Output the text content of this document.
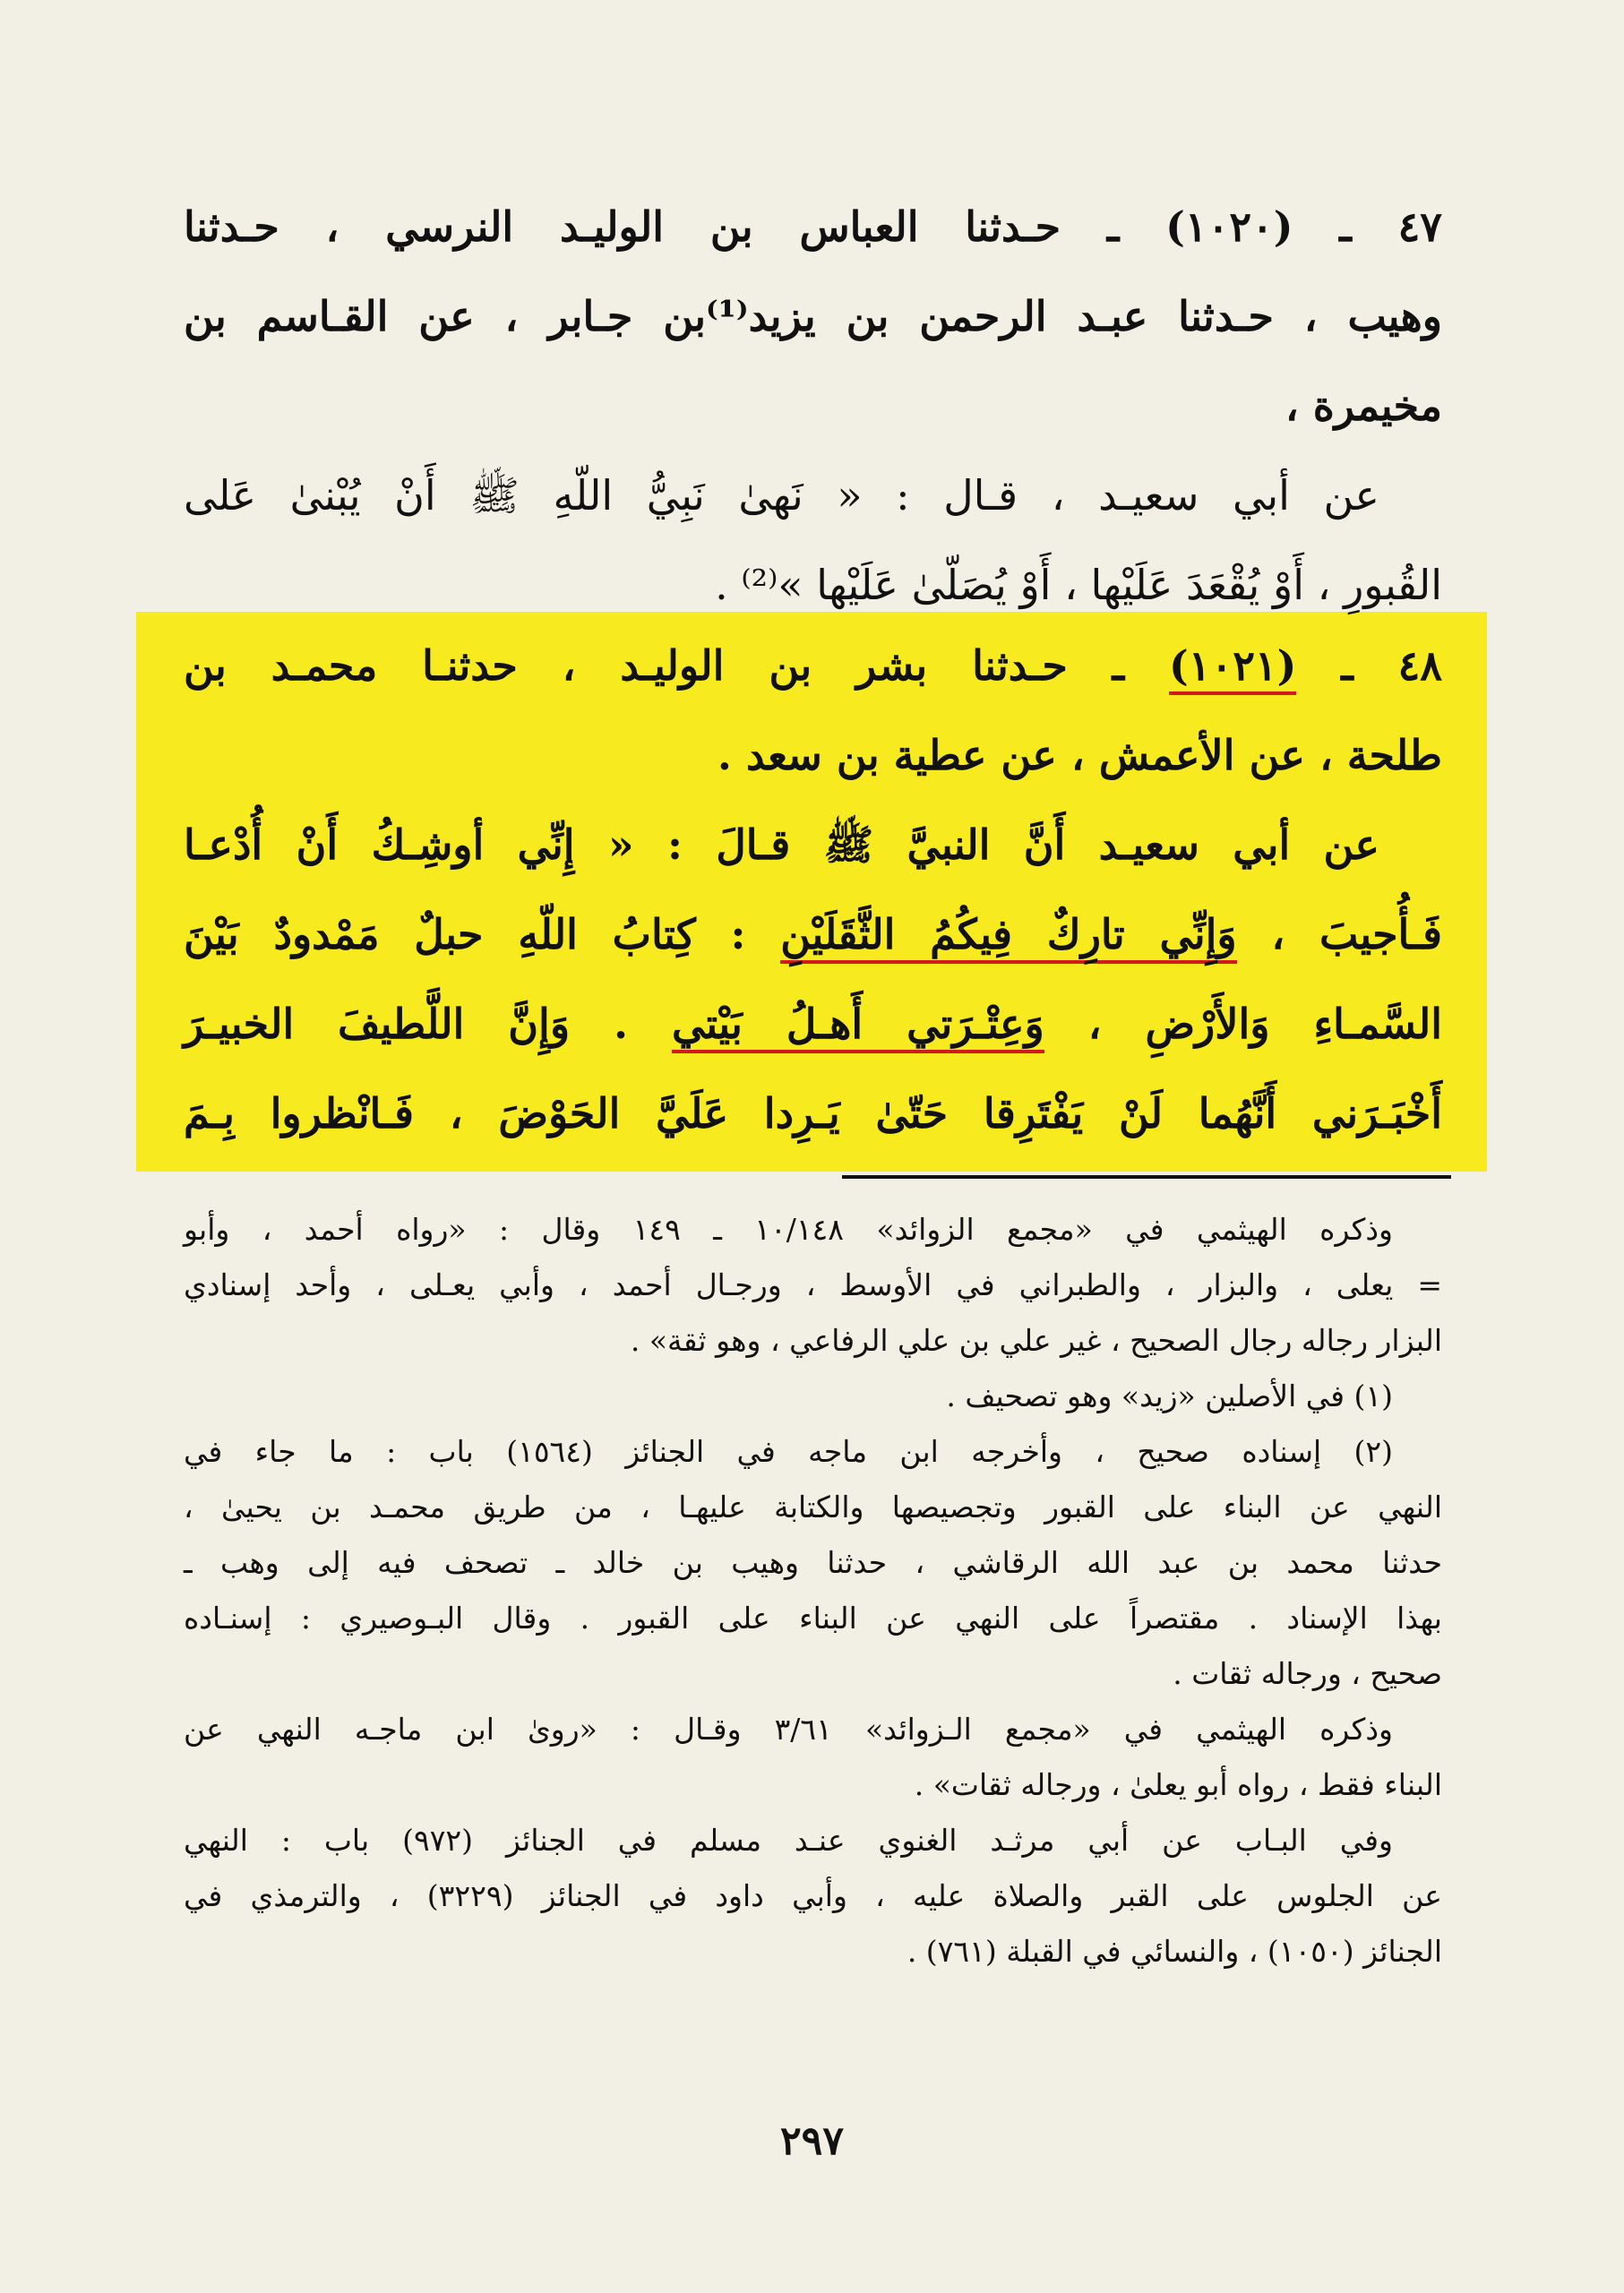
٤٧ ـ (١٠٢٠) ـ حـدثنا العباس بن الوليـد النرسي ، حـدثنا
وهيب ، حـدثنا عبـد الرحمن بن يزيد⁽¹⁾بن جـابر ، عن القـاسم بن
مخيمرة ،
عن أبي سعيـد ، قـال : « نَهىٰ نَبِيُّ اللّهِ ﷺ أَنْ يُبْنىٰ عَلى
القُبورِ ، أَوْ يُقْعَدَ عَلَيْها ، أَوْ يُصَلّىٰ عَلَيْها »⁽²⁾ .
٤٨ ـ (١٠٢١) ـ حـدثنا بشر بن الوليـد ، حدثنـا محمـد بن
طلحة ، عن الأعمش ، عن عطية بن سعد .
عن أبي سعيـد أَنَّ النبيَّ ﷺ قـالَ : « إِنِّي أوشِـكُ أَنْ أُدْعـا
فَـأُجيبَ ، وَإِنِّي تارِكٌ فِيكُمُ الثَّقَلَيْنِ : كِتابُ اللّهِ حبلٌ مَمْدودٌ بَيْنَ
السَّمـاءِ وَالأَرْضِ ، وَعِتْـرَتي أَهـلُ بَيْتي . وَإِنَّ اللَّطيفَ الخبيـرَ
أَخْبَـرَني أَنَّهُما لَنْ يَفْتَرِقا حَتّىٰ يَـرِدا عَلَيَّ الحَوْضَ ، فَـانْظروا بِـمَ
وذكره الهيثمي في «مجمع الزوائد» ١٠/١٤٨ ـ ١٤٩ وقال : «رواه أحمد ، وأبو
= يعلى ، والبزار ، والطبراني في الأوسط ، ورجـال أحمد ، وأبي يعـلى ، وأحد إسنادي
البزار رجاله رجال الصحيح ، غير علي بن علي الرفاعي ، وهو ثقة» .
(١) في الأصلين «زيد» وهو تصحيف .
(٢) إسناده صحيح ، وأخرجه ابن ماجه في الجنائز (١٥٦٤) باب : ما جاء في
النهي عن البناء على القبور وتجصيصها والكتابة عليهـا ، من طريق محمـد بن يحيىٰ ،
حدثنا محمد بن عبد الله الرقاشي ، حدثنا وهيب بن خالد ـ تصحف فيه إلى وهب ـ
بهذا الإسناد . مقتصراً على النهي عن البناء على القبور . وقال البـوصيري : إسنـاده
صحيح ، ورجاله ثقات .
وذكره الهيثمي في «مجمع الـزوائد» ٣/٦١ وقـال : «روىٰ ابن ماجـه النهي عن
البناء فقط ، رواه أبو يعلىٰ ، ورجاله ثقات» .
وفي البـاب عن أبي مرثـد الغنوي عنـد مسلم في الجنائز (٩٧٢) باب : النهي
عن الجلوس على القبر والصلاة عليه ، وأبي داود في الجنائز (٣٢٢٩) ، والترمذي في
الجنائز (١٠٥٠) ، والنسائي في القبلة (٧٦١) .
٢٩٧
